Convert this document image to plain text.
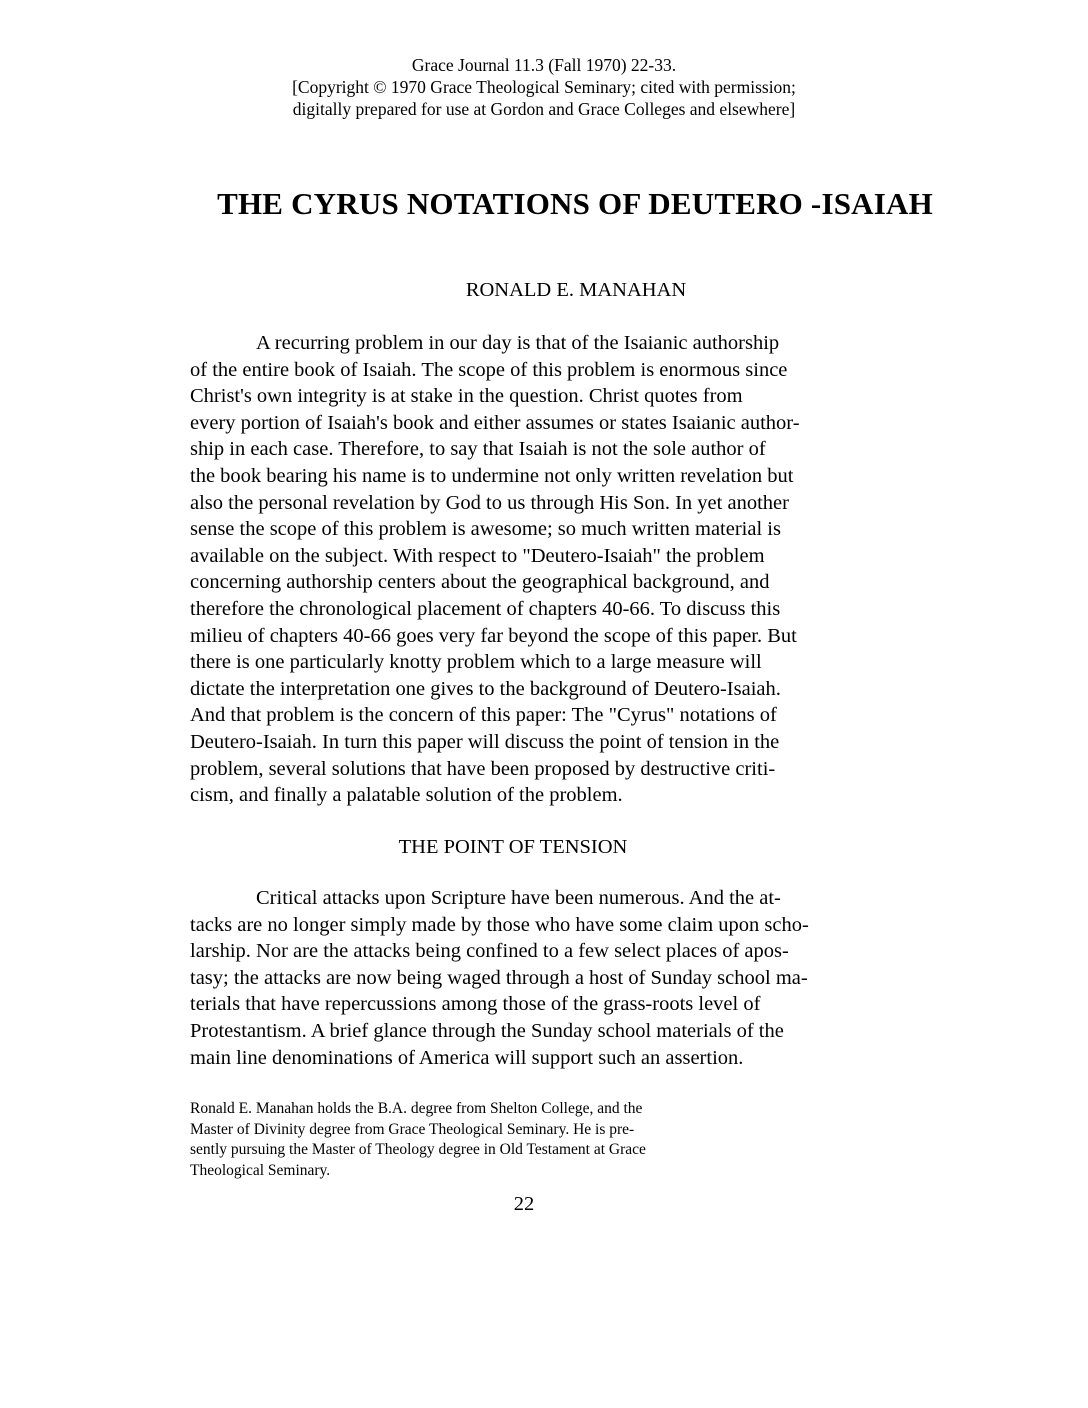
Grace Journal 11.3 (Fall 1970) 22-33.
[Copyright © 1970 Grace Theological Seminary; cited with permission;
digitally prepared for use at Gordon and Grace Colleges and elsewhere]
THE CYRUS NOTATIONS OF DEUTERO -ISAIAH
RONALD E. MANAHAN
A recurring problem in our day is that of the Isaianic authorship
of the entire book of Isaiah. The scope of this problem is enormous since
Christ's own integrity is at stake in the question. Christ quotes from
every portion of Isaiah's book and either assumes or states Isaianic author-
ship in each case. Therefore, to say that Isaiah is not the sole author of
the book bearing his name is to undermine not only written revelation but
also the personal revelation by God to us through His Son. In yet another
sense the scope of this problem is awesome; so much written material is
available on the subject. With respect to "Deutero-Isaiah" the problem
concerning authorship centers about the geographical background, and
therefore the chronological placement of chapters 40-66. To discuss this
milieu of chapters 40-66 goes very far beyond the scope of this paper. But
there is one particularly knotty problem which to a large measure will
dictate the interpretation one gives to the background of Deutero-Isaiah.
And that problem is the concern of this paper: The "Cyrus" notations of
Deutero-Isaiah. In turn this paper will discuss the point of tension in the
problem, several solutions that have been proposed by destructive criti-
cism, and finally a palatable solution of the problem.
THE POINT OF TENSION
Critical attacks upon Scripture have been numerous. And the at-
tacks are no longer simply made by those who have some claim upon scho-
larship. Nor are the attacks being confined to a few select places of apos-
tasy; the attacks are now being waged through a host of Sunday school ma-
terials that have repercussions among those of the grass-roots level of
Protestantism. A brief glance through the Sunday school materials of the
main line denominations of America will support such an assertion.
Ronald E. Manahan holds the B.A. degree from Shelton College, and the
Master of Divinity degree from Grace Theological Seminary. He is pre-
sently pursuing the Master of Theology degree in Old Testament at Grace
Theological Seminary.
22
